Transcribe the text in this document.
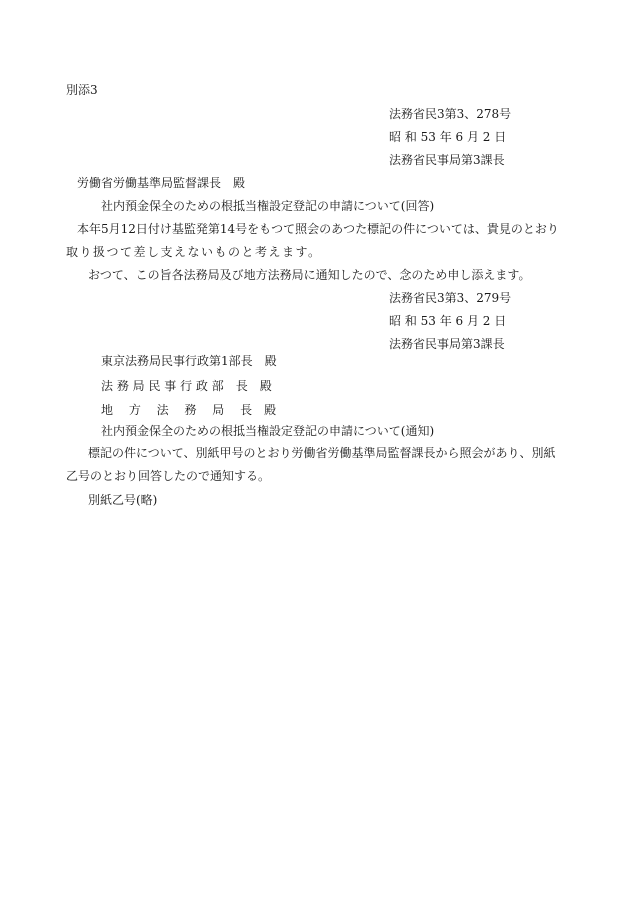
別添3
法務省民3第3、278号
昭 和 53 年 6 月 2 日
法務省民事局第3課長
労働省労働基準局監督課長　殿
社内預金保全のための根抵当権設定登記の申請について(回答)
本年5月12日付け基監発第14号をもつて照会のあつた標記の件については、貴見のとおり
取り扱つて差し支えないものと考えます。
おつて、この旨各法務局及び地方法務局に通知したので、念のため申し添えます。
法務省民3第3、279号
昭 和 53 年 6 月 2 日
法務省民事局第3課長
東京法務局民事行政第1部長　殿
法 務 局 民 事 行 政 部　長　殿
地　 方　 法　 務　 局　 長　殿
社内預金保全のための根抵当権設定登記の申請について(通知)
標記の件について、別紙甲号のとおり労働省労働基準局監督課長から照会があり、別紙
乙号のとおり回答したので通知する。
別紙乙号(略)
